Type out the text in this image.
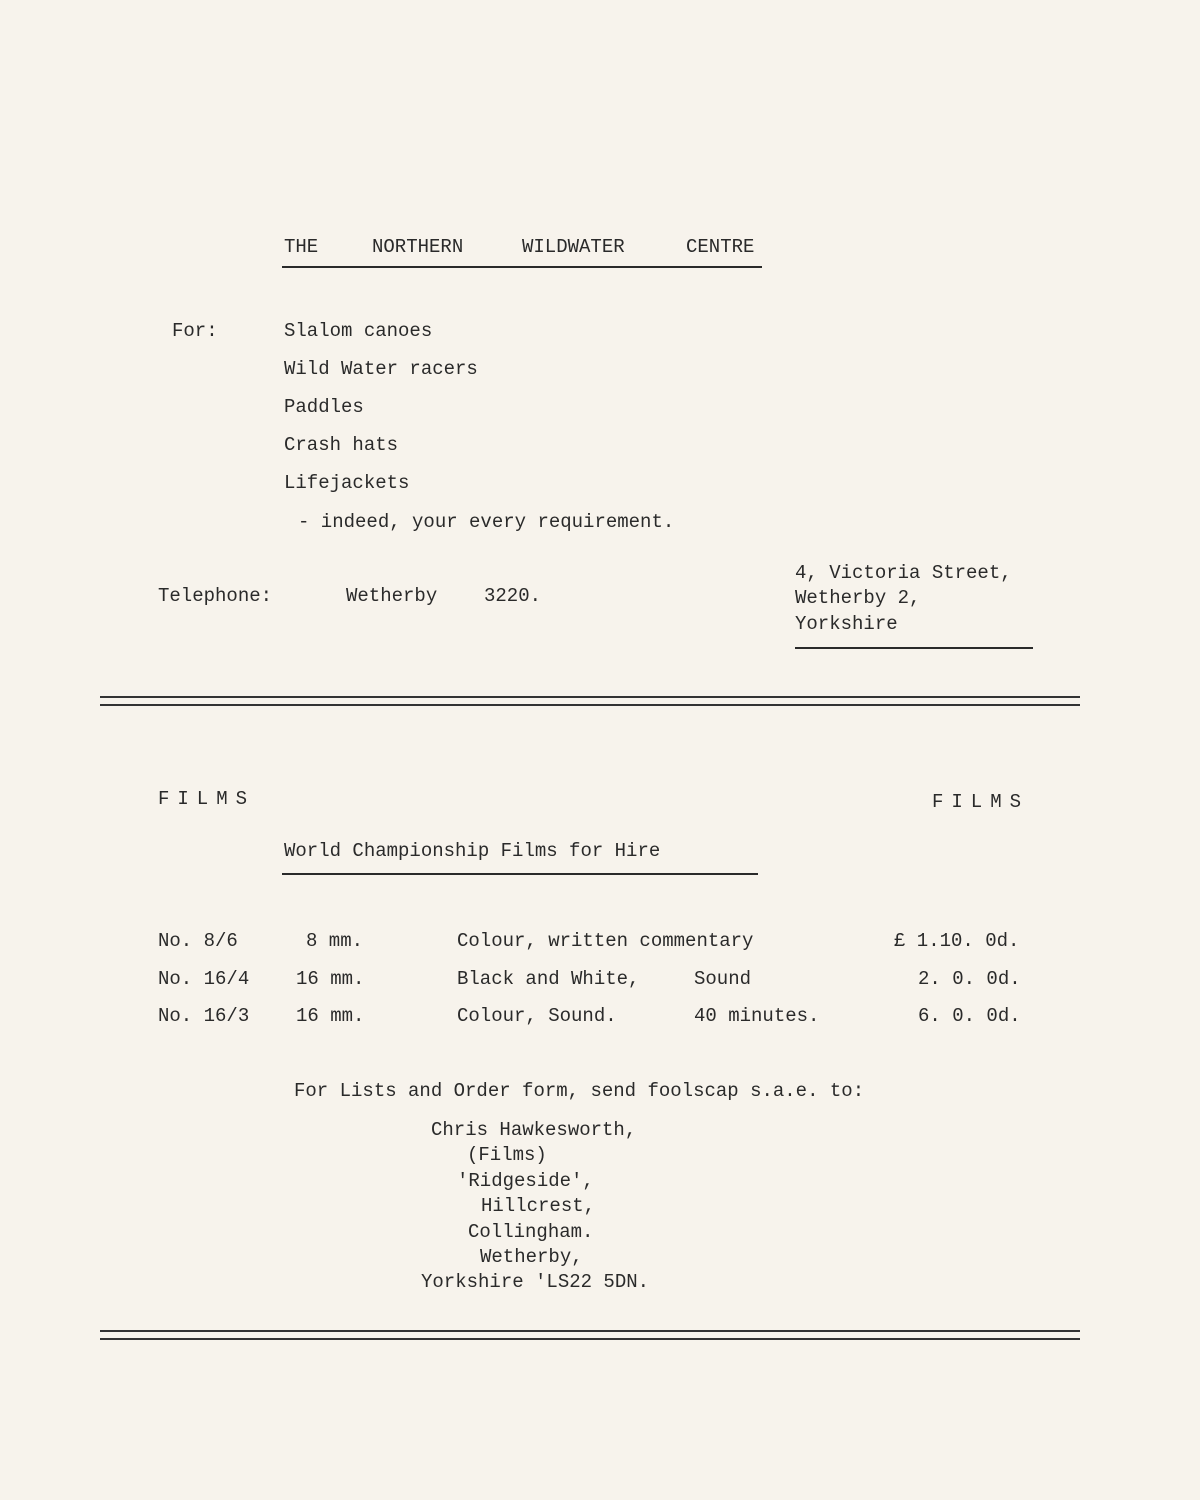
THE	NORTHERN	WILDWATER	CENTRE
For:	Slalom canoes
Wild Water racers
Paddles
Crash hats
Lifejackets
- indeed, your every requirement.
Telephone:	Wetherby 3220.
4, Victoria Street,
Wetherby 2,
Yorkshire
FILMS	FILMS
World Championship Films for Hire
No. 8/6	8 mm.	Colour, written commentary	£ 1.10. 0d.
No. 16/4 16 mm.	Black and White,	Sound	2. 0. 0d.
No. 16/3 16 mm.	Colour, Sound.	40 minutes.	6. 0. 0d.
For Lists and Order form, send foolscap s.a.e. to:
Chris Hawkesworth,
(Films)
'Ridgeside',
Hillcrest,
Collingham.
Wetherby,
Yorkshire 'LS22 5DN.
